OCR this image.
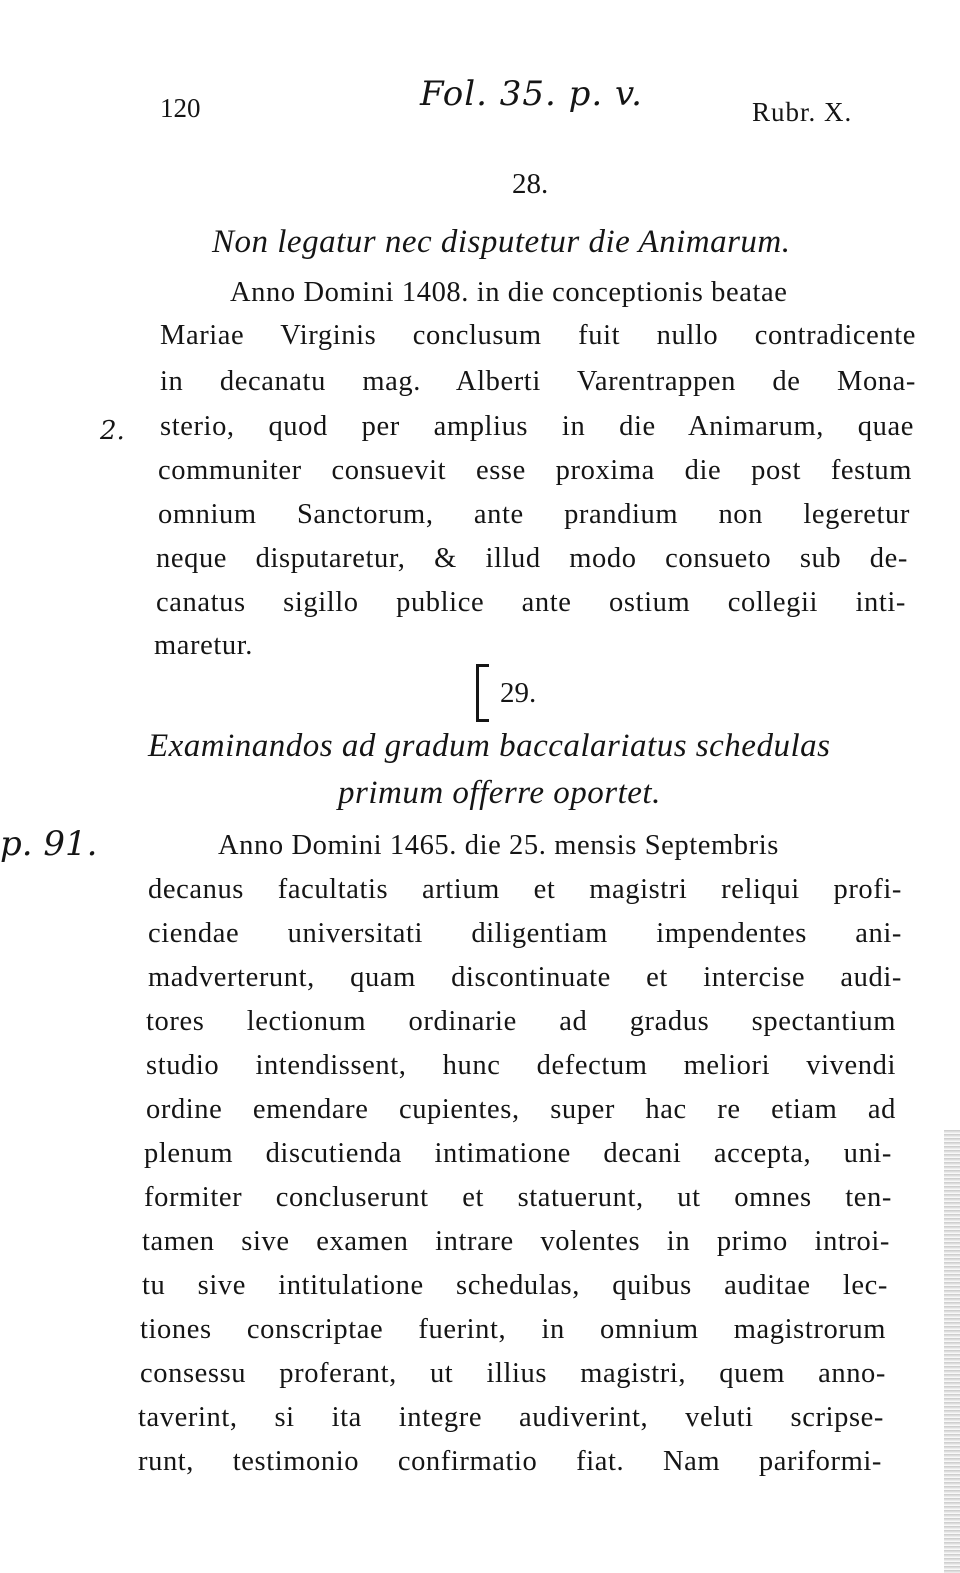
120	Fol. 35. p. v.	Rubr. X.
28.
Non legatur nec disputetur die Animarum.
Anno Domini 1408. in die conceptionis beatae
Mariae Virginis conclusum fuit nullo contradicente
in decanatu mag. Alberti Varentrappen de Mona-
sterio, quod per amplius in die Animarum, quae
communiter consuevit esse proxima die post festum
omnium Sanctorum, ante prandium non legeretur
neque disputaretur, & illud modo consueto sub de-
canatus sigillo publice ante ostium collegii inti-
maretur.
2.
29.
Examinandos ad gradum baccalariatus schedulas
primum offerre oportet.
Anno Domini 1465. die 25. mensis Septembris
decanus facultatis artium et magistri reliqui profi-
ciendae universitati diligentiam impendentes ani-
madverterunt, quam discontinuate et intercise audi-
tores lectionum ordinarie ad gradus spectantium
studio intendissent, hunc defectum meliori vivendi
ordine emendare cupientes, super hac re etiam ad
plenum discutienda intimatione decani accepta, uni-
formiter concluserunt et statuerunt, ut omnes ten-
tamen sive examen intrare volentes in primo introi-
tu sive intitulatione schedulas, quibus auditae lec-
tiones conscriptae fuerint, in omnium magistrorum
consessu proferant, ut illius magistri, quem anno-
taverint, si ita integre audiverint, veluti scripse-
runt, testimonio confirmatio fiat. Nam pariformi-
p. 91.
